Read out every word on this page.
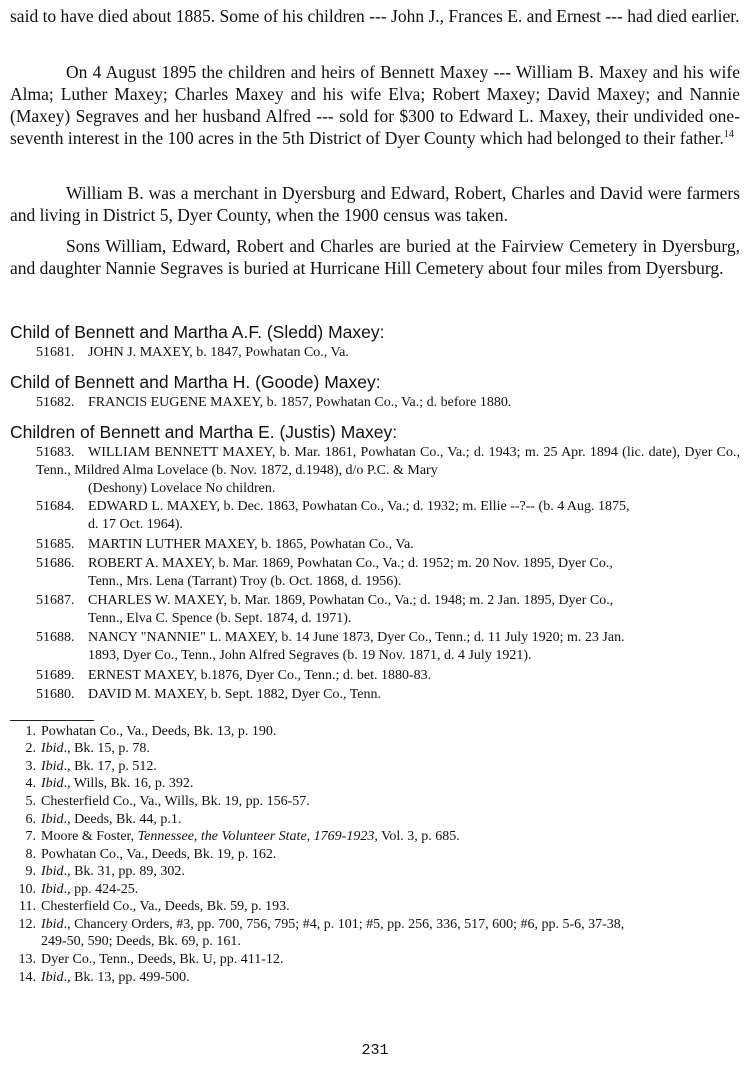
said to have died about 1885. Some of his children --- John J., Frances E. and Ernest --- had died earlier.

On 4 August 1895 the children and heirs of Bennett Maxey --- William B. Maxey and his wife Alma; Luther Maxey; Charles Maxey and his wife Elva; Robert Maxey; David Maxey; and Nannie (Maxey) Segraves and her husband Alfred --- sold for $300 to Edward L. Maxey, their undivided one-seventh interest in the 100 acres in the 5th District of Dyer County which had belonged to their father.$^{14}$

William B. was a merchant in Dyersburg and Edward, Robert, Charles and David were farmers and living in District 5, Dyer County, when the 1900 census was taken.

Sons William, Edward, Robert and Charles are buried at the Fairview Cemetery in Dyersburg, and daughter Nannie Segraves is buried at Hurricane Hill Cemetery about four miles from Dyersburg.

Child of Bennett and Martha A.F. (Sledd) Maxey:
51681. JOHN J. MAXEY, b. 1847, Powhatan Co., Va.
Child of Bennett and Martha H. (Goode) Maxey:
51682. FRANCIS EUGENE MAXEY, b. 1857, Powhatan Co., Va.; d. before 1880.
Children of Bennett and Martha E. (Justis) Maxey:
51683. WILLIAM BENNETT MAXEY, b. Mar. 1861, Powhatan Co., Va.; d. 1943; m. 25 Apr. 1894 (lic. date), Dyer Co., Tenn., Mildred Alma Lovelace (b. Nov. 1872, d.1948), d/o P.C. & Mary
(Deshony) Lovelace No children.
51684. EDWARD L. MAXEY, b. Dec. 1863, Powhatan Co., Va.; d. 1932; m. Ellie --?-- (b. 4 Aug. 1875,
d. 17 Oct. 1964).
51685. MARTIN LUTHER MAXEY, b. 1865, Powhatan Co., Va.
51686. ROBERT A. MAXEY, b. Mar. 1869, Powhatan Co., Va.; d. 1952; m. 20 Nov. 1895, Dyer Co.,
Tenn., Mrs. Lena (Tarrant) Troy (b. Oct. 1868, d. 1956).
51687. CHARLES W. MAXEY, b. Mar. 1869, Powhatan Co., Va.; d. 1948; m. 2 Jan. 1895, Dyer Co.,
Tenn., Elva C. Spence (b. Sept. 1874, d. 1971).
51688. NANCY "NANNIE" L. MAXEY, b. 14 June 1873, Dyer Co., Tenn.; d. 11 July 1920; m. 23 Jan.
1893, Dyer Co., Tenn., John Alfred Segraves (b. 19 Nov. 1871, d. 4 July 1921).
51689. ERNEST MAXEY, b.1876, Dyer Co., Tenn.; d. bet. 1880-83.
51680. DAVID M. MAXEY, b. Sept. 1882, Dyer Co., Tenn.
1. Powhatan Co., Va., Deeds, Bk. 13, p. 190.
2. Ibid., Bk. 15, p. 78.
3. Ibid., Bk. 17, p. 512.
4. Ibid., Wills, Bk. 16, p. 392.
5. Chesterfield Co., Va., Wills, Bk. 19, pp. 156-57.
6. Ibid., Deeds, Bk. 44, p.1.
7. Moore & Foster, Tennessee, the Volunteer State, 1769-1923, Vol. 3, p. 685.
8. Powhatan Co., Va., Deeds, Bk. 19, p. 162.
9. Ibid., Bk. 31, pp. 89, 302.
10. Ibid., pp. 424-25.
11. Chesterfield Co., Va., Deeds, Bk. 59, p. 193.
12. Ibid., Chancery Orders, #3, pp. 700, 756, 795; #4, p. 101; #5, pp. 256, 336, 517, 600; #6, pp. 5-6, 37-38,
249-50, 590; Deeds, Bk. 69, p. 161.
13. Dyer Co., Tenn., Deeds, Bk. U, pp. 411-12.
14. Ibid., Bk. 13, pp. 499-500.
231
